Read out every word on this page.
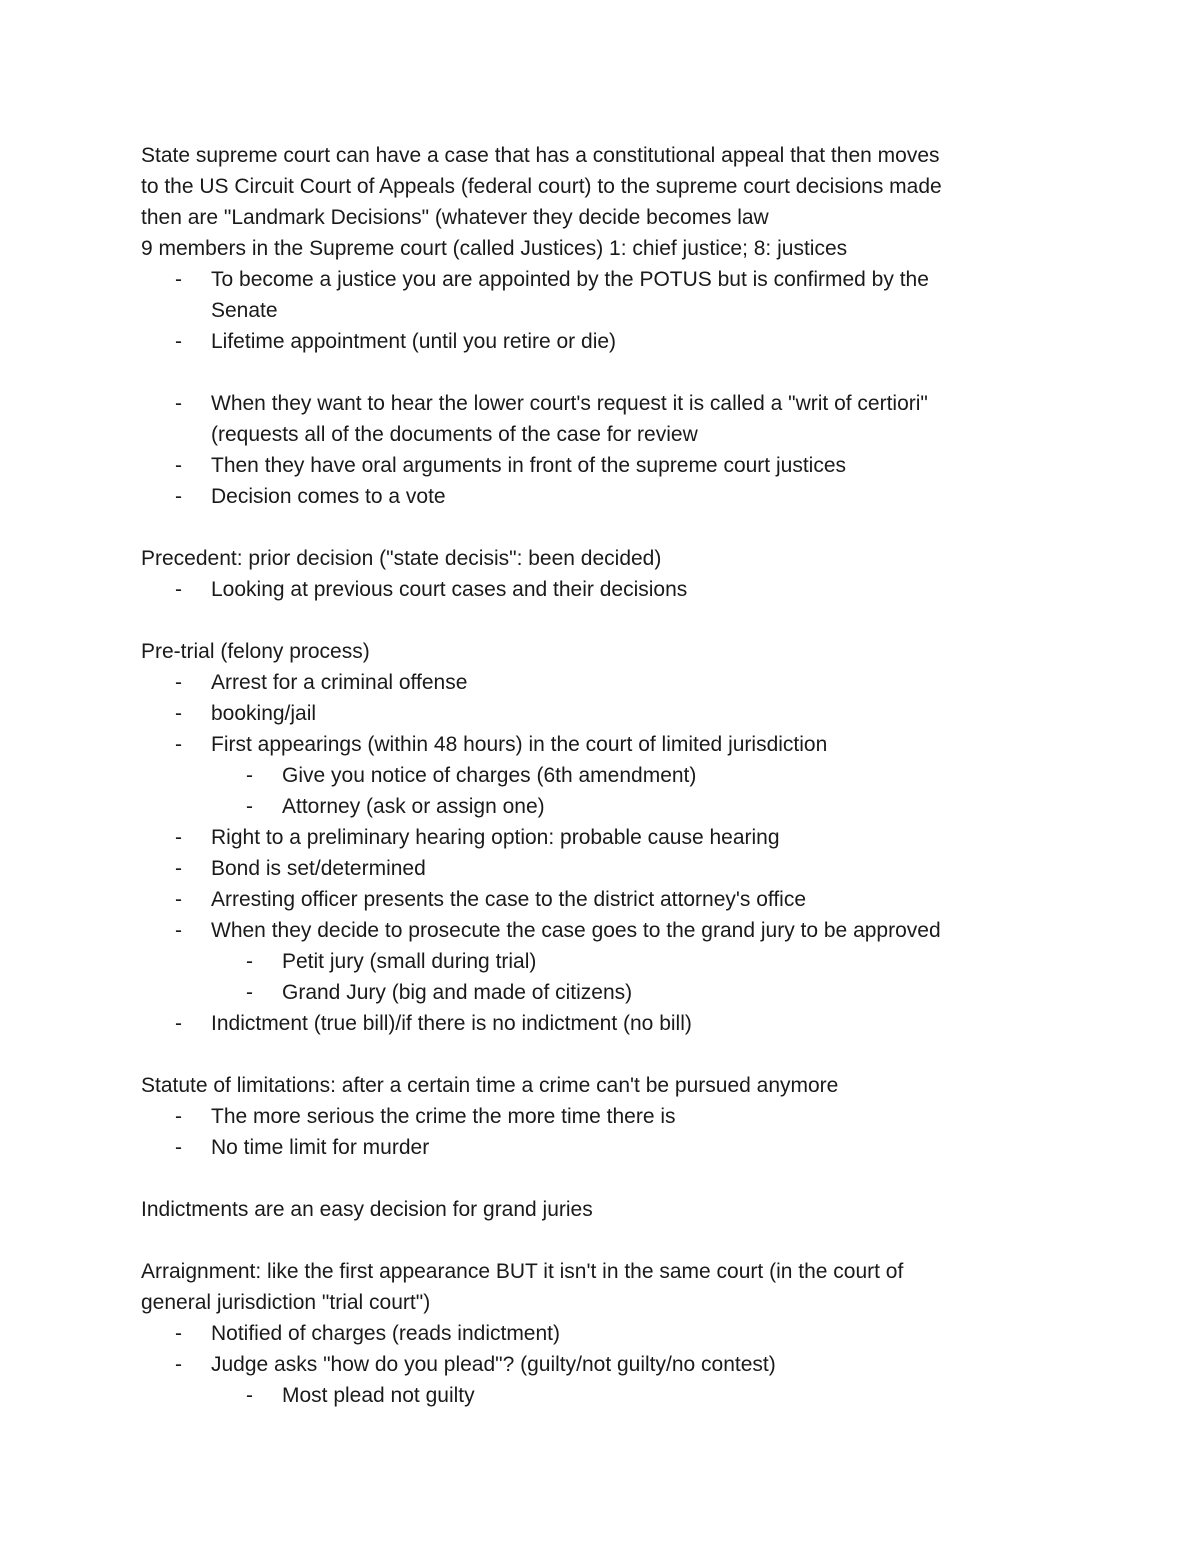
State supreme court can have a case that has a constitutional appeal that then moves
to the US Circuit Court of Appeals (federal court) to the supreme court decisions made
then are "Landmark Decisions" (whatever they decide becomes law
9 members in the Supreme court (called Justices) 1: chief justice; 8: justices
- To become a justice you are appointed by the POTUS but is confirmed by the
Senate
- Lifetime appointment (until you retire or die)
- When they want to hear the lower court's request it is called a "writ of certiori"
(requests all of the documents of the case for review
- Then they have oral arguments in front of the supreme court justices
- Decision comes to a vote
Precedent: prior decision ("state decisis": been decided)
- Looking at previous court cases and their decisions
Pre-trial (felony process)
- Arrest for a criminal offense
- booking/jail
- First appearings (within 48 hours) in the court of limited jurisdiction
- Give you notice of charges (6th amendment)
- Attorney (ask or assign one)
- Right to a preliminary hearing option: probable cause hearing
- Bond is set/determined
- Arresting officer presents the case to the district attorney's office
- When they decide to prosecute the case goes to the grand jury to be approved
- Petit jury (small during trial)
- Grand Jury (big and made of citizens)
- Indictment (true bill)/if there is no indictment (no bill)
Statute of limitations: after a certain time a crime can't be pursued anymore
- The more serious the crime the more time there is
- No time limit for murder
Indictments are an easy decision for grand juries
Arraignment: like the first appearance BUT it isn't in the same court (in the court of
general jurisdiction "trial court")
- Notified of charges (reads indictment)
- Judge asks "how do you plead"? (guilty/not guilty/no contest)
- Most plead not guilty
